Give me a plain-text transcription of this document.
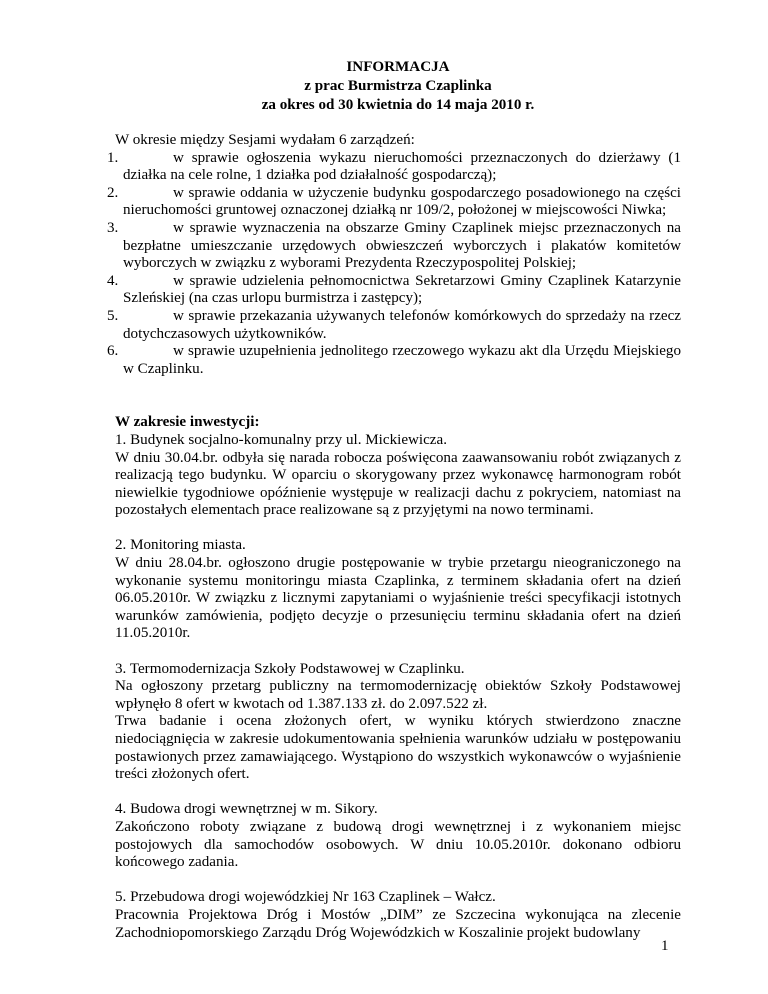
INFORMACJA
z prac Burmistrza Czaplinka
za okres od 30 kwietnia do 14 maja 2010 r.

W okresie między Sesjami wydałam 6 zarządzeń:

1.	w sprawie ogłoszenia wykazu nieruchomości przeznaczonych do dzierżawy (1 działka na cele rolne, 1 działka pod działalność gospodarczą);
2.	w sprawie oddania w użyczenie budynku gospodarczego posadowionego na części nieruchomości gruntowej oznaczonej działką nr 109/2, położonej w miejscowości Niwka;
3.	w sprawie wyznaczenia na obszarze Gminy Czaplinek miejsc przeznaczonych na bezpłatne umieszczanie urzędowych obwieszczeń wyborczych i plakatów komitetów wyborczych w związku z wyborami Prezydenta Rzeczypospolitej Polskiej;
4.	w sprawie udzielenia pełnomocnictwa Sekretarzowi Gminy Czaplinek Katarzynie Szleńskiej (na czas urlopu burmistrza i zastępcy);
5.	w sprawie przekazania używanych telefonów komórkowych do sprzedaży na rzecz dotychczasowych użytkowników.
6.	w sprawie uzupełnienia jednolitego rzeczowego wykazu akt dla Urzędu Miejskiego w Czaplinku.
W zakresie inwestycji:

1. Budynek socjalno-komunalny przy ul. Mickiewicza.

W dniu 30.04.br. odbyła się narada robocza poświęcona zaawansowaniu robót związanych z realizacją tego budynku. W oparciu o skorygowany przez wykonawcę harmonogram robót niewielkie tygodniowe opóźnienie występuje w realizacji dachu z pokryciem, natomiast na pozostałych elementach prace realizowane są z przyjętymi na nowo terminami.

2. Monitoring miasta.

W dniu 28.04.br. ogłoszono drugie postępowanie w trybie przetargu nieograniczonego na wykonanie systemu monitoringu miasta Czaplinka, z terminem składania ofert na dzień 06.05.2010r. W związku z licznymi zapytaniami o wyjaśnienie treści specyfikacji istotnych warunków zamówienia, podjęto decyzje o przesunięciu terminu składania ofert na dzień 11.05.2010r.

3. Termomodernizacja Szkoły Podstawowej w Czaplinku.

Na ogłoszony przetarg publiczny na termomodernizację obiektów Szkoły Podstawowej wpłynęło 8 ofert w kwotach od 1.387.133 zł. do 2.097.522 zł.

Trwa badanie i ocena złożonych ofert, w wyniku których stwierdzono znaczne niedociągnięcia w zakresie udokumentowania spełnienia warunków udziału w postępowaniu postawionych przez zamawiającego. Wystąpiono do wszystkich wykonawców o wyjaśnienie treści złożonych ofert.

4. Budowa drogi wewnętrznej w m. Sikory.

Zakończono roboty związane z budową drogi wewnętrznej i z wykonaniem miejsc postojowych dla samochodów osobowych. W dniu 10.05.2010r. dokonano odbioru końcowego zadania.

5. Przebudowa drogi wojewódzkiej Nr 163 Czaplinek – Wałcz.

Pracownia Projektowa Dróg i Mostów „DIM” ze Szczecina wykonująca na zlecenie Zachodniopomorskiego Zarządu Dróg Wojewódzkich w Koszalinie projekt budowlany

1
